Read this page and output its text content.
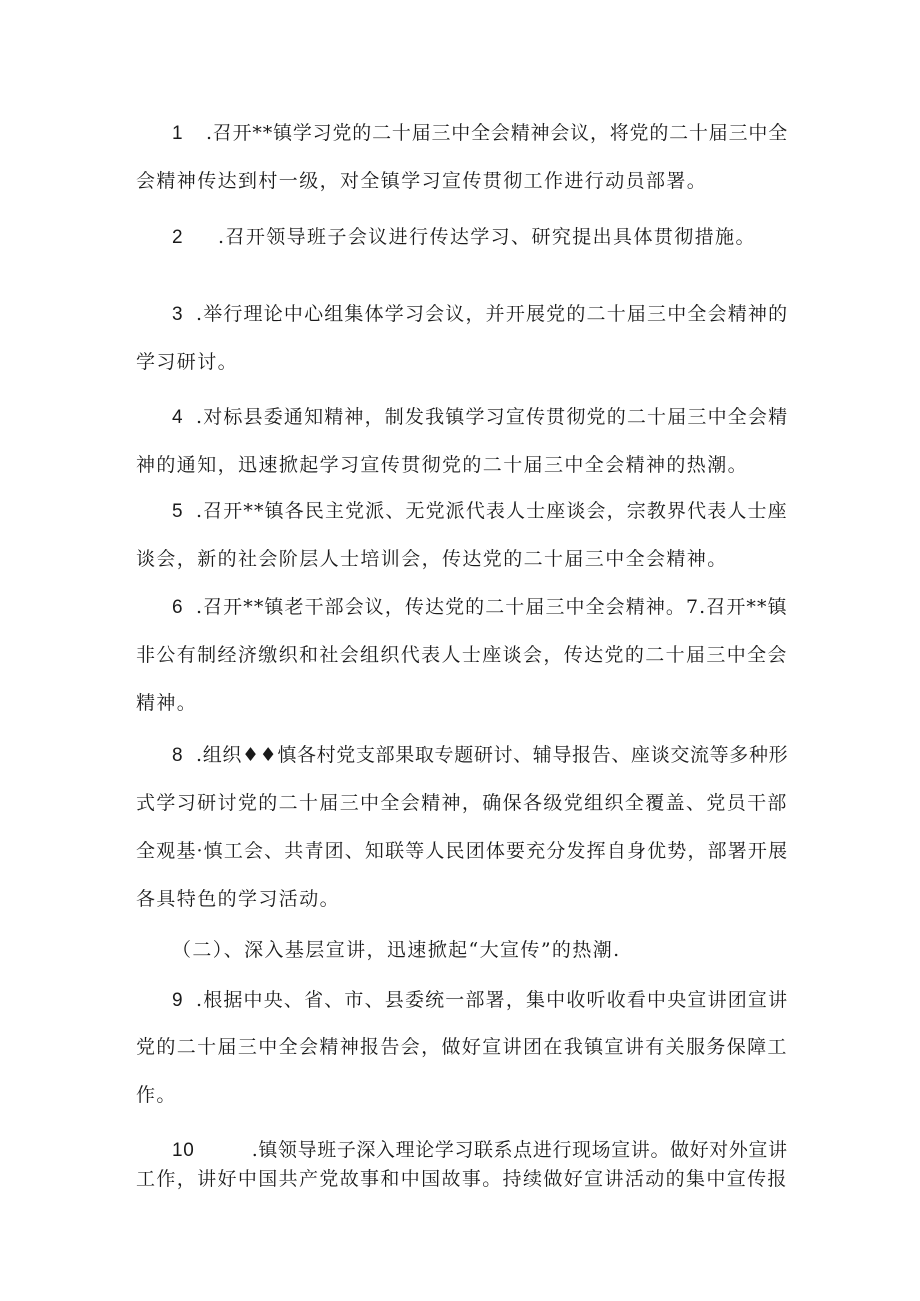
1 .召开**镇学习党的二十届三中全会精神会议，将党的二十届三中全
会精神传达到村一级，对全镇学习宣传贯彻工作进行动员部署。
2 .召开领导班子会议进行传达学习、研究提出具体贯彻措施。
3 .举行理论中心组集体学习会议，并开展党的二十届三中全会精神的
学习研讨。
4 .对标县委通知精神，制发我镇学习宣传贯彻党的二十届三中全会精
神的通知，迅速掀起学习宣传贯彻党的二十届三中全会精神的热潮。
5 .召开**镇各民主党派、无党派代表人士座谈会，宗教界代表人士座
谈会，新的社会阶层人士培训会，传达党的二十届三中全会精神。
6 .召开**镇老干部会议，传达党的二十届三中全会精神。7.召开**镇
非公有制经济缴织和社会组织代表人士座谈会，传达党的二十届三中全会
精神。
8 .组织♦♦慎各村党支部果取专题研讨、辅导报告、座谈交流等多种形
式学习研讨党的二十届三中全会精神，确保各级党组织全覆盖、党员干部
全观基·慎工会、共青团、知联等人民团体要充分发挥自身优势，部署开展
各具特色的学习活动。
（二）、深入基层宣讲，迅速掀起“大宣传”的热潮.
9 .根据中央、省、市、县委统一部署，集中收听收看中央宣讲团宣讲
党的二十届三中全会精神报告会，做好宣讲团在我镇宣讲有关服务保障工
作。
10	.镇领导班子深入理论学习联系点进行现场宣讲。做好对外宣讲
工作，讲好中国共产党故事和中国故事。持续做好宣讲活动的集中宣传报
